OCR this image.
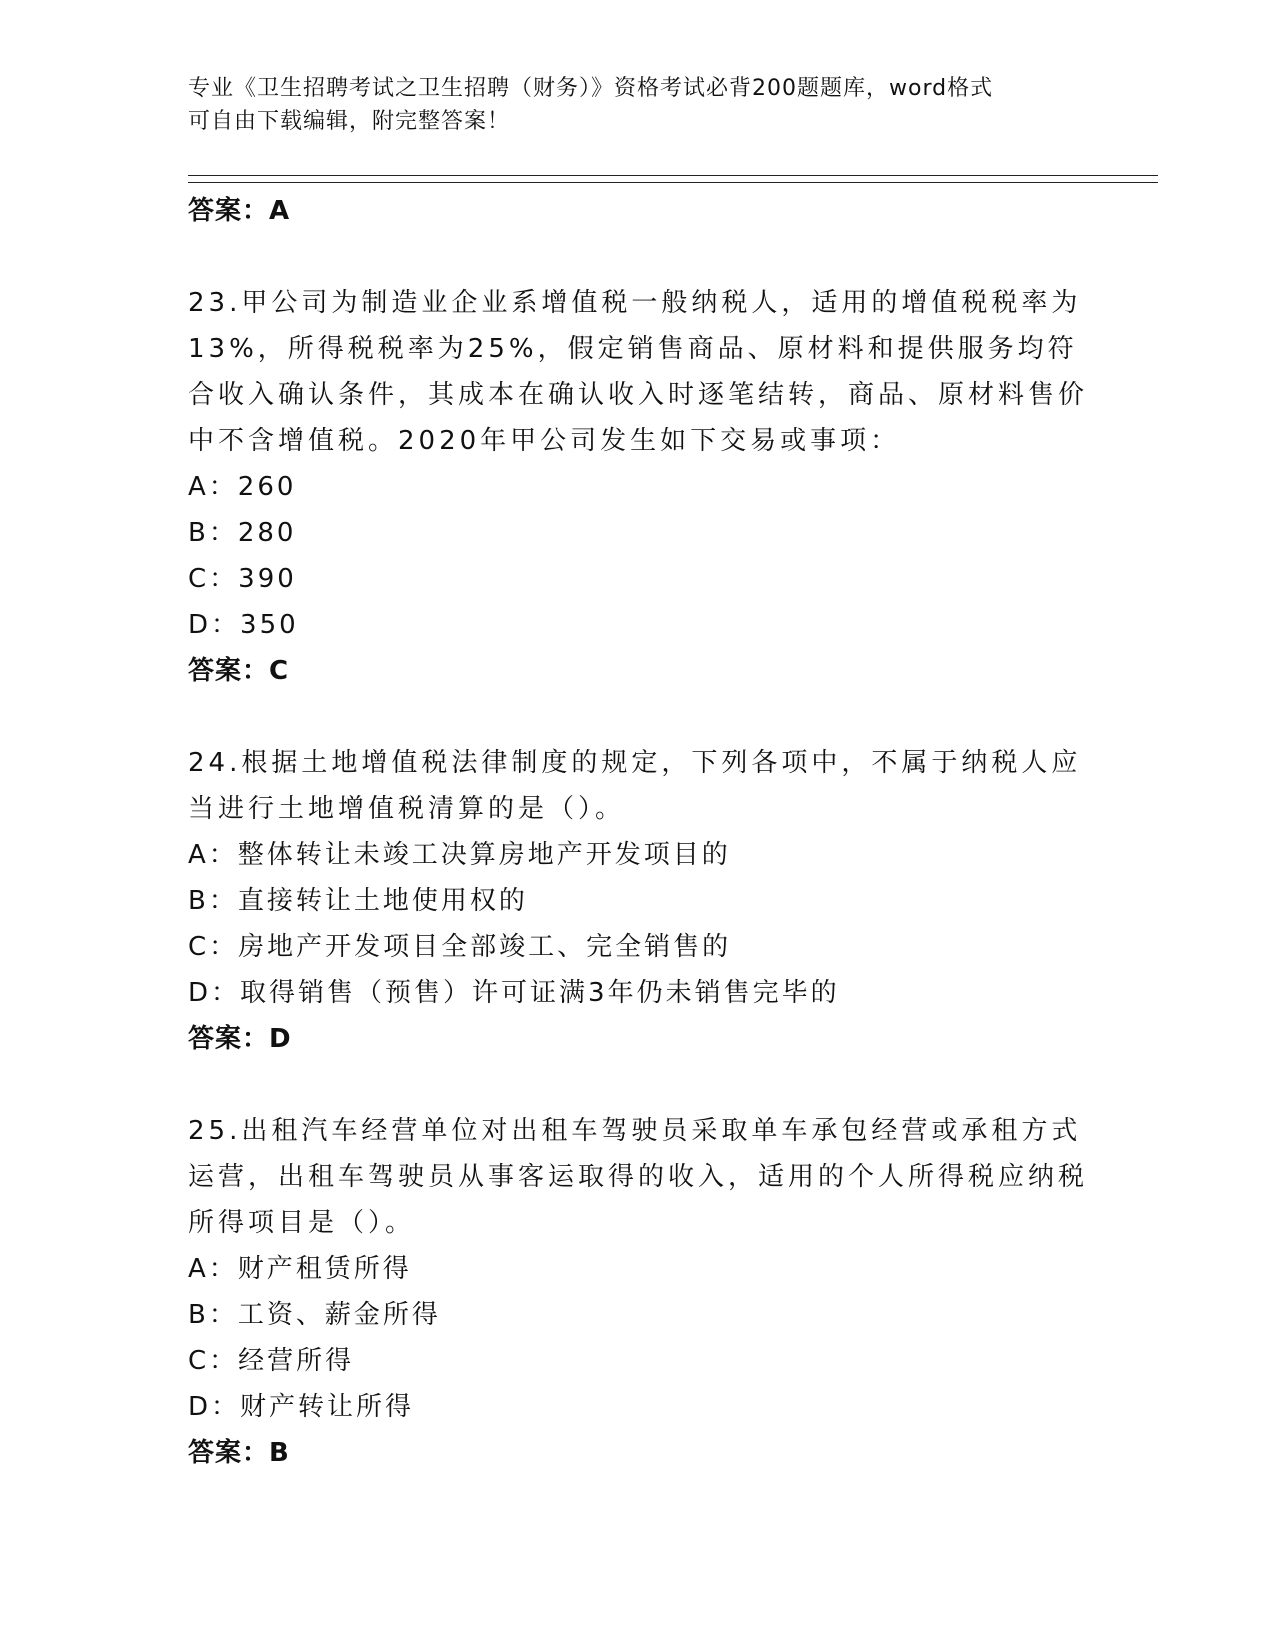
专业《卫生招聘考试之卫生招聘（财务）》资格考试必背200题题库，word格式
可自由下载编辑，附完整答案！
答案：A

23.甲公司为制造业企业系增值税一般纳税人，适用的增值税税率为13%，所得税税率为25%，假定销售商品、原材料和提供服务均符合收入确认条件，其成本在确认收入时逐笔结转，商品、原材料售价中不含增值税。2020年甲公司发生如下交易或事项：

A：260
B：280
C：390
D：350
答案：C

24.根据土地增值税法律制度的规定，下列各项中，不属于纳税人应当进行土地增值税清算的是（）。

A：整体转让未竣工决算房地产开发项目的
B：直接转让土地使用权的
C：房地产开发项目全部竣工、完全销售的
D：取得销售（预售）许可证满3年仍未销售完毕的
答案：D

25.出租汽车经营单位对出租车驾驶员采取单车承包经营或承租方式运营，出租车驾驶员从事客运取得的收入，适用的个人所得税应纳税所得项目是（）。

A：财产租赁所得
B：工资、薪金所得
C：经营所得
D：财产转让所得
答案：B
